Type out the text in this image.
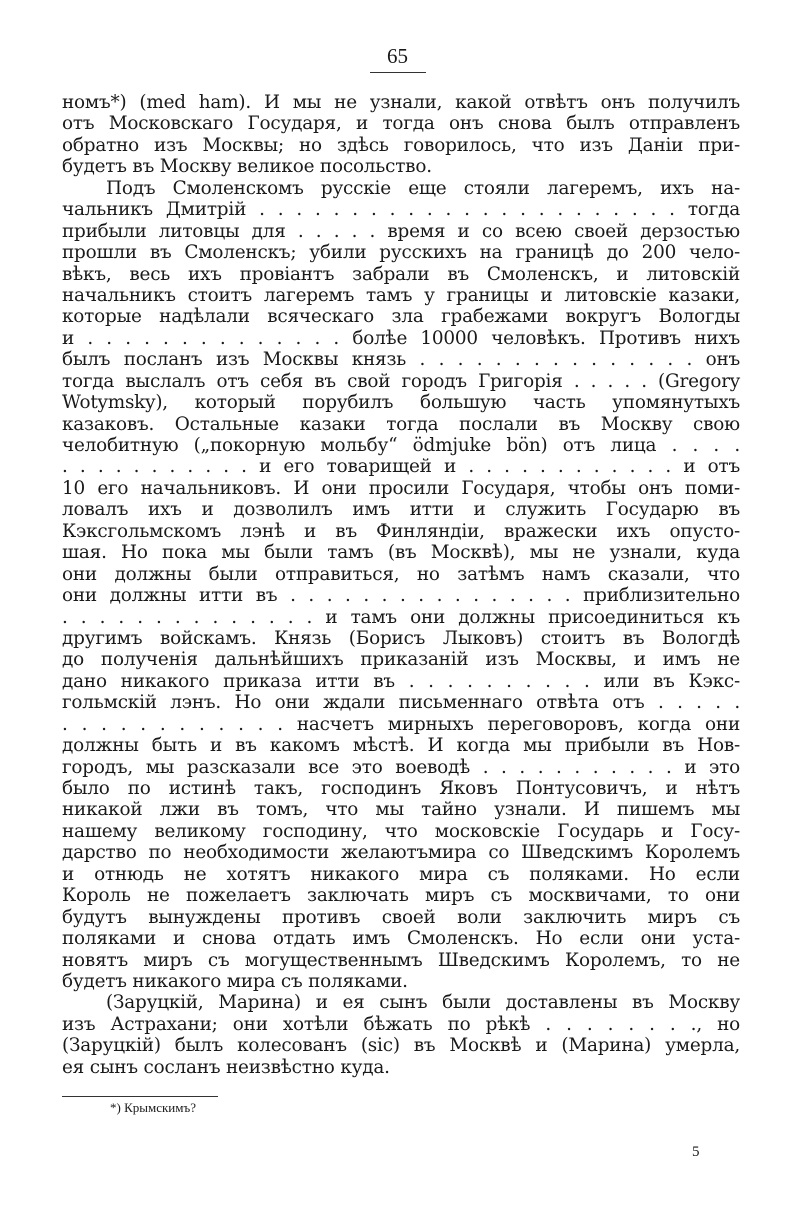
65
номъ*) (med ham). И мы не узнали, какой отвѣтъ онъ получилъ
отъ Московскаго Государя, и тогда онъ снова былъ отправленъ
обратно изъ Москвы; но здѣсь говорилось, что изъ Даніи при-
будетъ въ Москву великое посольство.
Подъ Смоленскомъ русскіе еще стояли лагеремъ, ихъ на-
чальникъ Дмитрій . . . . . . . . . . . . . . . . . . . . . . . тогда
прибыли литовцы для . . . . . время и со всею своей дерзостью
прошли въ Смоленскъ; убили русскихъ на границѣ до 200 чело-
вѣкъ, весь ихъ провіантъ забрали въ Смоленскъ, и литовскій
начальникъ стоитъ лагеремъ тамъ у границы и литовскіе казаки,
которые надѣлали всяческаго зла грабежами вокругъ Вологды
и . . . . . . . . . . . . . . болѣе 10000 человѣкъ. Противъ нихъ
былъ посланъ изъ Москвы князь . . . . . . . . . . . . . . . онъ
тогда выслалъ отъ себя въ свой городъ Григорія . . . . . (Gregory
Wotymsky), который порубилъ большую часть упомянутыхъ
казаковъ. Остальные казаки тогда послали въ Москву свою
челобитную („покорную мольбу“ ödmjuke bön) отъ лица . . . .
. . . . . . . . . . . и его товарищей и . . . . . . . . . . . . и отъ
10 его начальниковъ. И они просили Государя, чтобы онъ поми-
ловалъ ихъ и дозволилъ имъ итти и служить Государю въ
Кэксгольмскомъ лэнѣ и въ Финляндіи, вражески ихъ опусто-
шая. Но пока мы были тамъ (въ Москвѣ), мы не узнали, куда
они должны были отправиться, но затѣмъ намъ сказали, что
они должны итти въ . . . . . . . . . . . . . . . . приблизительно
. . . . . . . . . . . . . . и тамъ они должны присоединиться къ
другимъ войскамъ. Князь (Борисъ Лыковъ) стоитъ въ Вологдѣ
до полученія дальнѣйшихъ приказаній изъ Москвы, и имъ не
дано никакого приказа итти въ . . . . . . . . . . или въ Кэкс-
гольмскій лэнъ. Но они ждали письменнаго отвѣта отъ . . . . .
. . . . . . . . . . . . насчетъ мирныхъ переговоровъ, когда они
должны быть и въ какомъ мѣстѣ. И когда мы прибыли въ Нов-
городъ, мы разсказали все это воеводѣ . . . . . . . . . . . и это
было по истинѣ такъ, господинъ Яковъ Понтусовичъ, и нѣтъ
никакой лжи въ томъ, что мы тайно узнали. И пишемъ мы
нашему великому господину, что московскіе Государь и Госу-
дарство по необходимости желаютъмира со Шведскимъ Королемъ
и отнюдь не хотятъ никакого мира съ поляками. Но если
Король не пожелаетъ заключать миръ съ москвичами, то они
будутъ вынуждены противъ своей воли заключить миръ съ
поляками и снова отдать имъ Смоленскъ. Но если они уста-
новятъ миръ съ могущественнымъ Шведскимъ Королемъ, то не
будетъ никакого мира съ поляками.
(Заруцкій, Марина) и ея сынъ были доставлены въ Москву
изъ Астрахани; они хотѣли бѣжать по рѣкѣ . . . . . . . ., но
(Заруцкій) былъ колесованъ (sic) въ Москвѣ и (Марина) умерла,
ея сынъ сосланъ неизвѣстно куда.
*) Крымскимъ?
5
